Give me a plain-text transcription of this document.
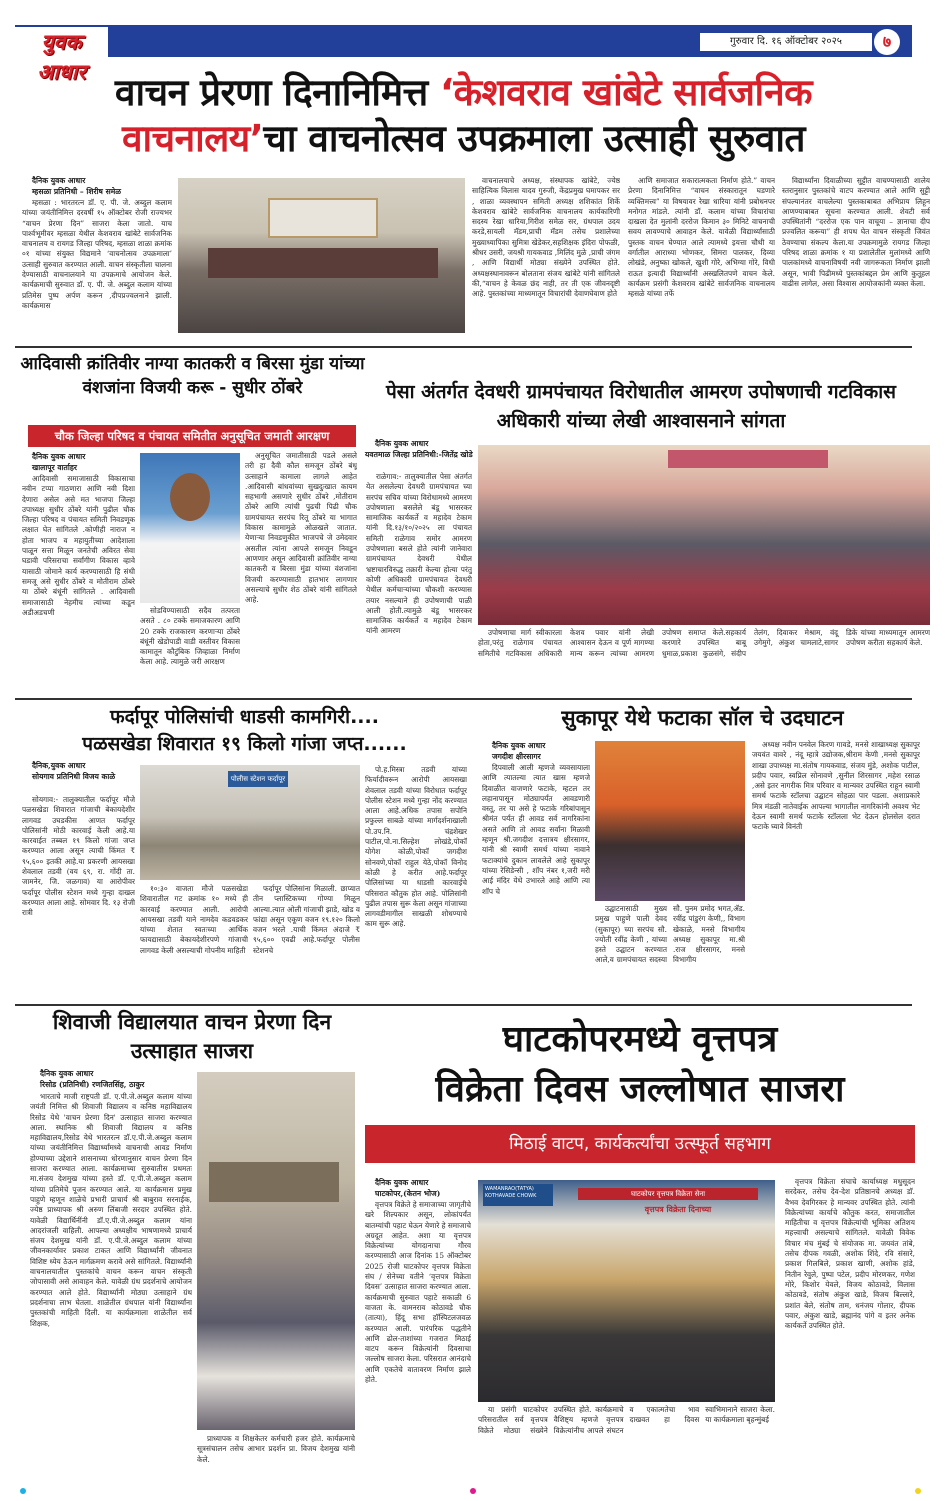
युवक आधार
गुरुवार दि. १६ ऑक्टोबर २०२५	७
वाचन प्रेरणा दिनानिमित्त ‘केशवराव खांबेटे सार्वजनिक
वाचनालय’चा वाचनोत्सव उपक्रमाला उत्साही सुरुवात
दैनिक युवक आधार
म्हसळा प्रतिनिधी – शिरीष समेळ
म्हसळा : भारतरत्न डॉ. ए. पी. जे. अब्दुल कलाम यांच्या जयंतीनिमित्त दरवर्षी १५ ऑक्टोबर रोजी राज्यभर “वाचन प्रेरणा दिन” साजरा केला जातो. याच पार्श्वभूमीवर म्हसळा येथील केशवराव खांबेटे सार्वजनिक वाचनालय व रायगड जिल्हा परिषद, म्हसळा शाळा क्रमांक ०१ यांच्या संयुक्त विद्यमाने ‘वाचनोत्सव उपक्रमाला’ उत्साही सुरुवात करण्यात आली. वाचन संस्कृतीला चालना देण्यासाठी वाचनालयाने या उपक्रमाचे आयोजन केले. कार्यक्रमाची सुरुवात डॉ. ए. पी. जे. अब्दुल कलाम यांच्या प्रतिमेस पुष्प अर्पण करून ,दीपप्रज्वलनाने झाली. कार्यक्रमास
वाचनालयाचे अध्यक्ष, संस्थापक खांबेटे, ज्येष्ठ साहित्यिक विलास यादव गुरुजी, केंद्रप्रमुख घमापकर सर , शाळा व्यवस्थापन समिती अध्यक्ष शशिकांत शिर्के केशवराव खांबेटे सार्वजनिक वाचनालय कार्यकारिणी सदस्य रेखा धारिया,गिरीश समेळ सर, ग्रंथपाल उदय करडे,सायली मॅडम,प्राची मॅडम तसेच प्रशालेच्या मुख्याध्यापिका सुमित्रा खेडेकर,सहशिक्षक इंदिरा पोफळी, श्रीधर उसरी, जयश्री गायकवाड ,मिलिंद मुळे ,प्राची जंगम , आणि विद्यार्थी मोठ्या संख्येने उपस्थित होते. अध्यक्षस्थानावरून बोलताना संजय खांबेटे यांनी सांगितले की,“वाचन हे केवळ छंद नाही, तर ती एक जीवनदृष्टी आहे. पुस्तकांच्या माध्यमातून विचारांची देवाणघेवाण होते
आणि समाजात सकारात्मकता निर्माण होते.” वाचन प्रेरणा दिनानिमित्त “वाचन संस्कारातून घडणारे व्यक्तिमत्त्व” या विषयावर रेखा धारिया यांनी प्रबोधनपर मनोगत मांडले. त्यांनी डॉ. कलाम यांच्या विचारांचा दाखला देत मुलांनी दररोज किमान ३० मिनिटे वाचनाची सवय लावण्याचे आवाहन केले. यावेळी विद्यार्थ्यांसाठी पुस्तक वाचन घेण्यात आले त्यामध्ये इयत्ता चौथी या वर्गातील आराध्या भोणकर, सिमरा पालकर, दिव्या लोखंडे, अनुष्का खोकले, खुशी गोरे, अभिग्या गोरे, विधी राऊत इत्यादी विद्यार्थ्यांनी अस्खलितपणे वाचन केले. कार्यक्रम प्रसंगी केशवराव खांबेटे सार्वजनिक वाचनालय म्हसळे यांच्या तर्फे
विद्यार्थ्यांना दिवाळीच्या सुट्टीत वाचण्यासाठी शालेय स्तरानुसार पुस्तकांचे वाटप करण्यात आले आणि सुट्टी संपल्यानंतर वाचलेल्या पुस्तकाबाबत अभिप्राय लिहून आणण्याबाबत सूचना करण्यात आली. शेवटी सर्व उपस्थितांनी “दररोज एक पान वाचूया – ज्ञानाचा दीप प्रज्वलित करूया” ही शपथ घेत वाचन संस्कृती जिवंत ठेवण्याचा संकल्प केला.या उपक्रमामुळे रायगड जिल्हा परिषद शाळा क्रमांक १ या प्रशालेतील मुलांमध्ये आणि पालकांमध्ये वाचनाविषयी नवी जागरूकता निर्माण झाली असून, भावी पिढीमध्ये पुस्तकांबद्दल प्रेम आणि कुतूहल वाढीस लागेल, असा विश्वास आयोजकांनी व्यक्त केला.
आदिवासी क्रांतिवीर नाग्या कातकरी व बिरसा मुंडा यांच्या वंशजांना विजयी करू - सुधीर ठोंबरे
चौक जिल्हा परिषद व पंचायत समितीत अनुसूचित जमाती आरक्षण
दैनिक युवक आधार
खालापूर वार्ताहर
आदिवासी समाजासाठी विकासाचा नवीन टप्पा गाठणारा आणि नवी दिशा देणारा असेल असे मत भाजपा जिल्हा उपाध्यक्ष सुधीर ठोंबरे यांनी पुढील चौक जिल्हा परिषद व पंचायत समिती निवडणूक लक्षात घेत सांगितले .कोणीही नाराज न होता भाजप व महायुतीच्या आदेशाला पाळून सत्ता मिळून जनतेची अविरत सेवा घडावी परिसराचा सर्वांगीण विकास व्हावे यासाठी जोमाने कार्य करण्यासाठी हि संधी समजू असे सुधीर ठोंबरे व मोतीराम ठोंबरे या ठोंबरे बंधूंनी सांगितले . आदिवासी समाजासाठी नेहमीच त्यांच्या कडून अडीअडचणी	सोडविण्यासाठी सदैव तत्परता असते . ८० टक्के समाजकारण आणि 20 टक्के राजकारण करणाऱ्या ठोंबरे बंधूंनी खेडोपाडी वाडी वस्तीवर विकास कामातून कौटुंबिक जिव्हाळा निर्माण केला आहे. त्यामुळे जरी आरक्षण
अनुसूचित जमातीसाठी पडले असले तरी हा दैवी कौल समजून ठोंबरे बंधू उत्साहाने कामाला लागले आहेत .आदिवासी बांधवांच्या सुखदुःखात कायम सहभागी असणारे सुधीर ठोंबरे ,मोतीराम ठोंबरे आणि त्यांची पुढची पिढी चौक ग्रामपंचायत सरपंच रितू ठोंबरे या भागात विकास कामामुळे ओळखले जातात. येणाऱ्या निवडणुकीत भाजपचे जे उमेदवार असतील त्यांना आपले समजून निवडून आणणार असून आदिवासी क्रांतिवीर नाग्या कातकरी व बिरसा मुंडा यांच्या वंशजांना विजयी करण्यासाठी हातभार लागणार असल्याचे सुधीर शेठ ठोंबरे यांनी सांगितले आहे.
पेसा अंतर्गत देवधरी ग्रामपंचायत विरोधातील आमरण उपोषणाची गटविकास अधिकारी यांच्या लेखी आश्वासनाने सांगता
दैनिक युवक आधार
यवतमाळ जिल्हा प्रतिनिधी:-जितेंद्र खोडे
राळेगाव:- तालुक्यातील पेसा अंतर्गत येत असलेल्या देवधरी ग्रामपंचायत च्या सरपंच सचिव यांच्या विरोधामध्ये आमरण उपोषणाला बसलेले बंडू भासरकर सामाजिक कार्यकर्ते व महादेव टेकाम यांनी दि.१३/१०/२०२५ ला पंचायत समिती राळेगाव समोर आमरण उपोषणाला बसले होते त्यांनी जानेवारा ग्रामपंचायत देवधरी येथील भ्रष्टाचारविरुद्ध तक्रारी केल्या होत्या परंतु कोणी अधिकारी ग्रामपंचायत देवधरी येथील कर्मचाऱ्यांच्या चौकशी करण्यास तयार नसल्याने ही उपोषणाची पाळी आली होती.त्यामुळे बंडू भासरकर सामाजिक कार्यकर्ते व महादेव टेकाम यांनी आमरण	उपोषणाचा मार्ग स्वीकारला होता,परंतु राळेगाव पंचायत समितीचे गटविकास अधिकारी केशव पवार यांनी लेखी आश्वासन देऊन व पूर्ण मागण्या मान्य करून त्यांच्या आमरण उपोषण समाप्त केले.सहकार्य करणारे उपस्थित बाबू धुमाळ,प्रकाश कुळसंगे, संदीप तेलंग, दिवाकर मेश्राम, वंदू उगेमुगे, अंकुश चामलाटे,सागर डिके यांच्या माध्यमातून आमरण उपोषण करीता सहकार्य केले.
फर्दापूर पोलिसांची धाडसी कामगिरी....
पळसखेडा शिवारात १९ किलो गांजा जप्त......
दैनिक,युवक आधार
सोयगाव प्रतिनिधी विजय काळे
सोयगाव:- तालुक्यातील फर्दापूर मौजे पळसखेडा शिवारात गांजाची बेकायदेशीर लागवड उघडकीस आणत फर्दापूर पोलिसांनी मोठी कारवाई केली आहे.या कारवाईत तब्बल १९ किलो गांजा जप्त करण्यात आला असून त्याची किंमत ₹ ९५,६०० इतकी आहे.या प्रकरणी आयसखा शेवलाल तडवी (वय ६९, रा. गोंदी ता. जामनेर, जि. जळगाव) या आरोपीवर फर्दापूर पोलीस स्टेशन मध्ये गुन्हा दाखल करण्यात आला आहे. सोमवार दि. १३ रोजी रात्री
पोलीस स्टेशन फर्दापूर
१०:३० वाजता मौजे पळसखेडा शिवारातील गट क्रमांक १० मध्ये ही कारवाई करण्यात आली. आरोपी आयसखा तडवी याने नामदेव कडवडकर यांच्या शेतात स्वतःच्या आर्थिक फायद्यासाठी बेकायदेशीरपणे गांजाची लागवड केली असल्याची गोपनीय माहिती
फर्दापूर पोलिसांना मिळाली. छाप्यात तीन प्लास्टिकच्या गोण्या मिळून आल्या.त्यात ओली गांजाची झाडे, खोड व फांद्या असून एकूण वजन १९.१२० किलो वजन भरले .याची किंमत अंदाजे ₹ ९५,६०० एवढी आहे.फर्दापूर पोलीस स्टेशनचे
पो.ह.मिस्त्रा तडवी यांच्या फिर्यादीवरून आरोपी आयसखा शेवलाल तडवी यांच्या विरोधात फर्दापूर पोलीस स्टेशन मध्ये गुन्हा नोंद करण्यात आला आहे.अधिक तपास सपोनि प्रफुल्ल साबळे यांच्या मार्गदर्शनाखाली पो.उप.नि. चंद्रशेखर पाटील,पो.ना.सिल्हेश लोखंडे,पोकॉ योगेश कोळी,पोकॉ जगदीश सोनवणे,पोकॉ राहुल येठे,पोकॉ विनोद कोळी हे करीत आहे.फर्दापूर पोलिसांच्या या धाडसी कारवाईचे परिसरात कौतुक होत आहे. पोलिसांनी पुढील तपास सुरू केला असून गांजाच्या लागवडीमागील साखळी शोधण्याचे काम सुरू आहे.
सुकापूर येथे फटाका सॉल चे उदघाटन
दैनिक युवक आधार
जगदीश क्षीरसागर
दिपवाली आली म्हणजे व्यवसायाला आणि त्यातल्या त्यात खास म्हणजे दिवाळीत वाजणारे फटाके, म्हटल तर लहानापासून मोठ्यापर्यंत आवडणारी वस्तू, तर या असे हे फटाके गरिबांपासून श्रीमंत पर्यंत ही आवड सर्व नागरिकांना असते आणि तो आवड सर्वांना मिळावी म्हणून श्री.जगदीश दत्तात्रय क्षीरसागर, यांनी श्री स्वामी समर्थ यांच्या नावाने फटाक्यांचे दुकान लावलेले आहे सुकापूर यांच्या रेसिडेन्सी , शॉप नंबर १,जरी मरी आई मंदिर येथे उभारले आहे आणि त्या शॉप चे
उद्घाटनासाठी मुख्य प्रमुख पाहुणे पाली देवद (सुकापूर) च्या सरपंच सौ. ज्योती रवींद्र केणी , यांच्या हस्ते उद्घाटन करण्यात आले,व ग्रामपंचायत सदस्या सौ. पुनम प्रमोद भगत,ॲड. रवींद्र पांडुरंग केणी,, विभाग खेकाळे, मनसे विभागीय अध्यक्ष सुकापूर मा.श्री .राज क्षीरसागर, मनसे विभागीय
अध्यक्ष नवीन पनवेल किरण गावडे, मनसे शाखाध्यक्ष सुकापूर जयवंत वावरे , नंदू म्हात्रे उद्योजक,श्रीराम केणी ,मनसे सुकापूर शाखा उपाध्यक्ष मा.संतोष गायकवाड, संजय मुंडे, अशोक पाटील, प्रदीप पवार, स्वप्निल सोनावणे ,सुनील शिरसागर ,महेश रसाळ ,असे इतर नागरीक मित्र परिवार व मान्यवर उपस्थित राहून स्वामी समर्थ फटाके स्टॉलचा उद्घाटन सोहळा पार पडला. अशाप्रकारे मित्र मंडळी नातेवाईक आपल्या भागातील नागरिकांनी अवश्य भेट देऊन स्वामी समर्थ फटाके स्टॉलला भेट देऊन होलसेल दरात फटाके घ्यावे विनंती
शिवाजी विद्यालयात वाचन प्रेरणा दिन उत्साहात साजरा
दैनिक युवक आधार
रिसोड (प्रतिनिधी) रणजितसिंह, ठाकुर
भारताचे माजी राष्ट्रपती डॉ. ए.पी.जे.अब्दुल कलाम यांच्या जयंती निमित्त श्री शिवाजी विद्यालय व कनिष्ठ महाविद्यालय रिसोड येथे 'वाचन प्रेरणा दिन' उत्साहात साजरा करण्यात आला. स्थानिक श्री शिवाजी विद्यालय व कनिष्ठ महाविद्यालय,रिसोड येथे भारतरत्न डॉ.ए.पी.जे.अब्दुल कलाम यांच्या जयंतीनिमित्त विद्यार्थ्यांमध्ये वाचनाची आवड निर्माण होण्याच्या उद्देशाने शासनाच्या धोरणानुसार वाचन प्रेरणा दिन साजरा करण्यात आला. कार्यक्रमाच्या सुरुवातीस प्रथमतः मा.संजय देशमुख यांच्या हस्ते डॉ. ए.पी.जे.अब्दुल कलाम यांच्या प्रतिमेचे पूजन करण्यात आले. या कार्यक्रमास प्रमुख पाहुणे म्हणून शाळेचे प्रभारी प्राचार्य श्री बाबुराव सरनाईक, ज्येष्ठ प्राध्यापक श्री अरुण लिंबाजी सरदार उपस्थित होते. यावेळी विद्यार्थिनींनी डॉ.ए.पी.जे.अब्दुल कलाम यांना आदरांजली वाहिली. आपल्या अध्यक्षीय भाषणामध्ये प्राचार्य संजय देशमुख यांनी डॉ. ए.पी.जे.अब्दुल कलाम यांच्या जीवनकार्यावर प्रकाश टाकत आणि विद्यार्थ्यांनी जीवनात विशिष्ट ध्येय ठेऊन मार्गक्रमण करावे असे सांगितले. विद्यार्थ्यांनी वाचनालयातील पुस्तकांचे वाचन करून वाचन संस्कृती जोपासावी असे आवाहन केले. यावेळी ग्रंथ प्रदर्शनाचे आयोजन करण्यात आले होते. विद्यार्थ्यांनी मोठ्या उत्साहाने ग्रंथ प्रदर्शनाचा लाभ घेतला. शाळेतील ग्रंथपाल यांनी विद्यार्थ्यांना पुस्तकांची माहिती दिली. या कार्यक्रमाला शाळेतील सर्व शिक्षक,
प्राध्यापक व शिक्षकेतर कर्मचारी हजर होते. कार्यक्रमाचे सूत्रसंचालन तसेच आभार प्रदर्शन प्रा. विजय देशमुख यांनी केले.
घाटकोपरमध्ये वृत्तपत्र
विक्रेता दिवस जल्लोषात साजरा
मिठाई वाटप, कार्यकर्त्यांचा उत्स्फूर्त सहभाग
दैनिक युवक आधार
घाटकोपर,(केतन भोज)
वृत्तपत्र विक्रेते हे समाजाच्या जागृतीचे खरे शिल्पकार असून, लोकांपर्यंत बातम्यांची पहाट घेऊन येणारे हे समाजाचे अग्रदूत आहेत. अशा या वृत्तपत्र विक्रेत्यांच्या योगदानाचा गौरव करण्यासाठी आज दिनांक 15 ऑक्टोबर 2025 रोजी घाटकोपर वृत्तपत्र विक्रेता संघ / सेनेच्या वतीने ‘वृत्तपत्र विक्रेता दिवस’ उत्साहात साजरा करण्यात आला. कार्यक्रमाची सुरुवात पहाटे सकाळी 6 वाजता के. वामनराव कोठावडे चौक (तात्या), हिंदू सभा हॉस्पिटलजवळ करण्यात आली. पारंपरिक पद्धतीने आणि ढोल-ताशांच्या गजरात मिठाई वाटप करून विक्रेत्यांनी दिवसाचा जल्लोष साजरा केला. परिसरात आनंदाचे आणि एकतेचे वातावरण निर्माण झाले होते.
WAMANRAO(TATYA) KOTHAVADE CHOWK	घाटकोपर वृत्तपत्र विक्रेता सेना
वृत्तपत्र विक्रेता दिनाच्या
या प्रसंगी घाटकोपर परिसरातील सर्व वृत्तपत्र विक्रेते मोठ्या संख्येने उपस्थित होते. कार्यक्रमाचे वैशिष्ट्य म्हणजे वृत्तपत्र विक्रेत्यांनीच आपले संघटन व एकात्मतेचा भाव दाखवत हा दिवस स्वाभिमानाने साजरा केला. या कार्यक्रमाला बृहन्मुंबई
वृत्तपत्र विक्रेता संघाचे कार्याध्यक्ष मधुसूदन सरदेकर, तसेच देव-देश प्रतिष्ठानचे अध्यक्ष डॉ. वैभव देवगिरकर हे मान्यवर उपस्थित होते. त्यांनी विक्रेत्यांच्या कार्याचे कौतुक करत, समाजातील माहितीचा व वृत्तपत्र विक्रेत्यांची भूमिका अतिशय महत्त्वाची असल्याचे सांगितले. यावेळी विवेक विचार मंच मुंबई चे संयोजक मा. जयवंत तांबे, तसेच दीपक गवळी, अशोक शिंदे, रवि संसारे, प्रकाश गिलबिले, प्रकाश खाणी, अशोक हांडे, नितीन रेवुले, पुष्पा पटेल, प्रदीप मोरणकर, गणेश मोरे, किशोर येवले, विजय कोठावडे, विलास कोठावडे, संतोष अंकुश खाडे, विजय बिल्लारे, प्रशांत बेले, संतोष ताम, धनंजय गोलार, दीपक पवार, अंकुश खाडे, ब्रह्मानंद पांगे व इतर अनेक कार्यकर्ते उपस्थित होते.
